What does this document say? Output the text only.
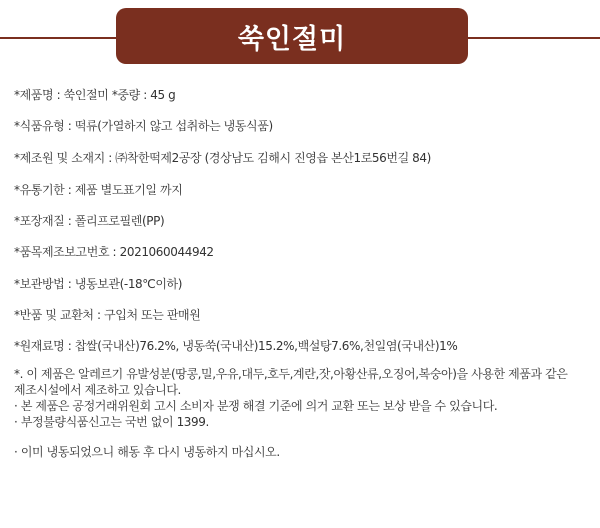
쑥인절미
*제품명 : 쑥인절미 *중량 : 45 g
*식품유형 : 떡류(가열하지 않고 섭취하는 냉동식품)
*제조원 및 소재지 : ㈜착한떡제2공장 (경상남도 김해시 진영읍 본산1로56번길 84)
*유통기한 : 제품 별도표기일 까지
*포장재질 : 폴리프로필렌(PP)
*품목제조보고번호 : 2021060044942
*보관방법 : 냉동보관(-18℃이하)
*반품 및 교환처 : 구입처 또는 판매원
*원재료명 : 찹쌀(국내산)76.2%, 냉동쑥(국내산)15.2%,백설탕7.6%,천일염(국내산)1%
*. 이 제품은 알레르기 유발성분(땅콩,밀,우유,대두,호두,계란,잣,아황산류,오징어,복숭아)을 사용한 제품과 같은
제조시설에서 제조하고 있습니다.
· 본 제품은 공정거래위원회 고시 소비자 분쟁 해결 기준에 의거 교환 또는 보상 받을 수 있습니다.
· 부정불량식품신고는 국번 없이 1399.
· 이미 냉동되었으니 해동 후 다시 냉동하지 마십시오.
